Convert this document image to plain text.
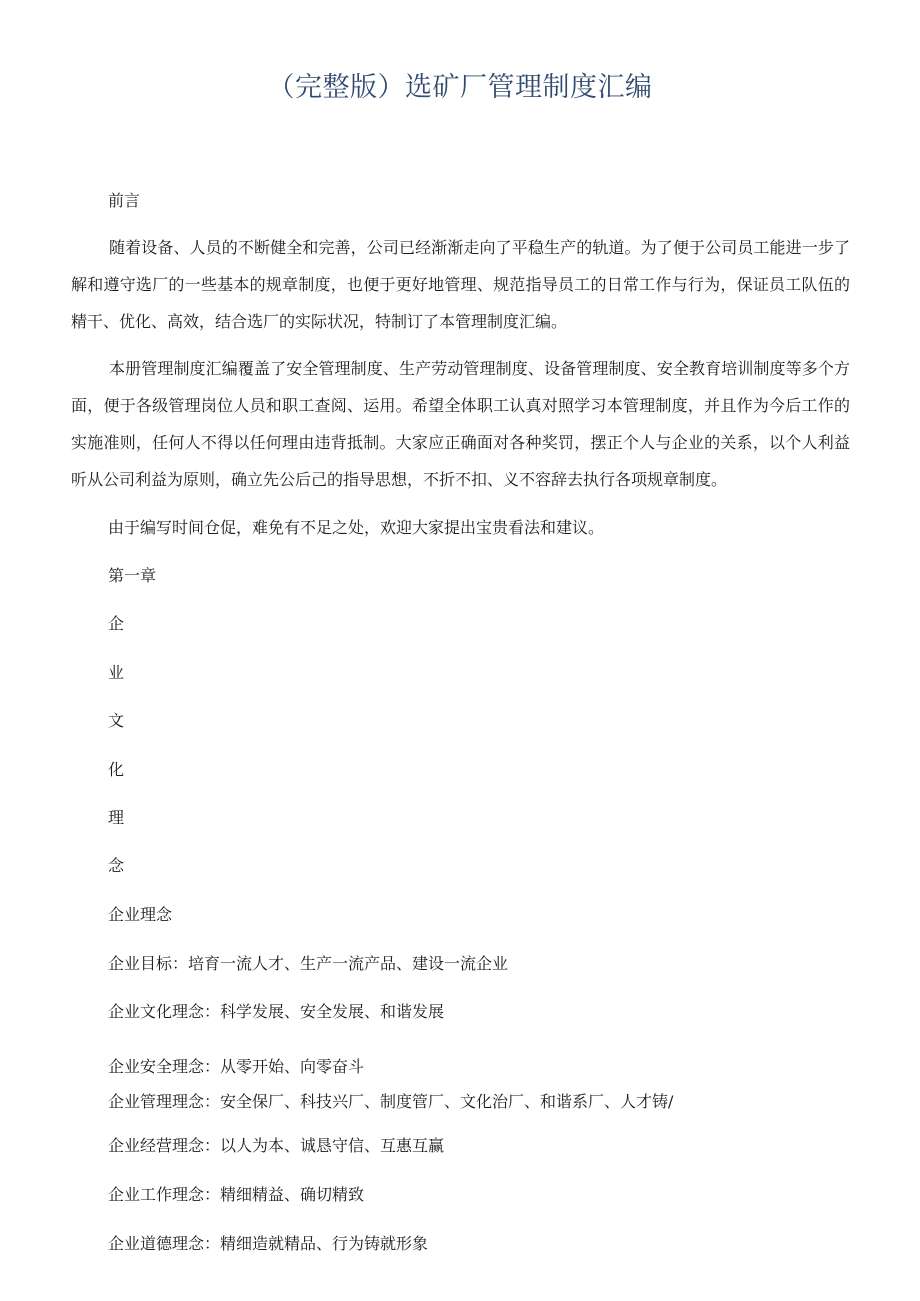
（完整版）选矿厂管理制度汇编

前言

随着设备、人员的不断健全和完善，公司已经渐渐走向了平稳生产的轨道。为了便于公司员工能进一步了解和遵守选厂的一些基本的规章制度，也便于更好地管理、规范指导员工的日常工作与行为，保证员工队伍的精干、优化、高效，结合选厂的实际状况，特制订了本管理制度汇编。

本册管理制度汇编覆盖了安全管理制度、生产劳动管理制度、设备管理制度、安全教育培训制度等多个方面，便于各级管理岗位人员和职工查阅、运用。希望全体职工认真对照学习本管理制度，并且作为今后工作的实施准则，任何人不得以任何理由违背抵制。大家应正确面对各种奖罚，摆正个人与企业的关系，以个人利益听从公司利益为原则，确立先公后己的指导思想，不折不扣、义不容辞去执行各项规章制度。

由于编写时间仓促，难免有不足之处，欢迎大家提出宝贵看法和建议。

第一章

企

业

文

化

理

念

企业理念

企业目标：培育一流人才、生产一流产品、建设一流企业

企业文化理念：科学发展、安全发展、和谐发展

企业安全理念：从零开始、向零奋斗

企业管理理念：安全保厂、科技兴厂、制度管厂、文化治厂、和谐系厂、人才铸/

企业经营理念：以人为本、诚恳守信、互惠互赢

企业工作理念：精细精益、确切精致

企业道德理念：精细造就精品、行为铸就形象
